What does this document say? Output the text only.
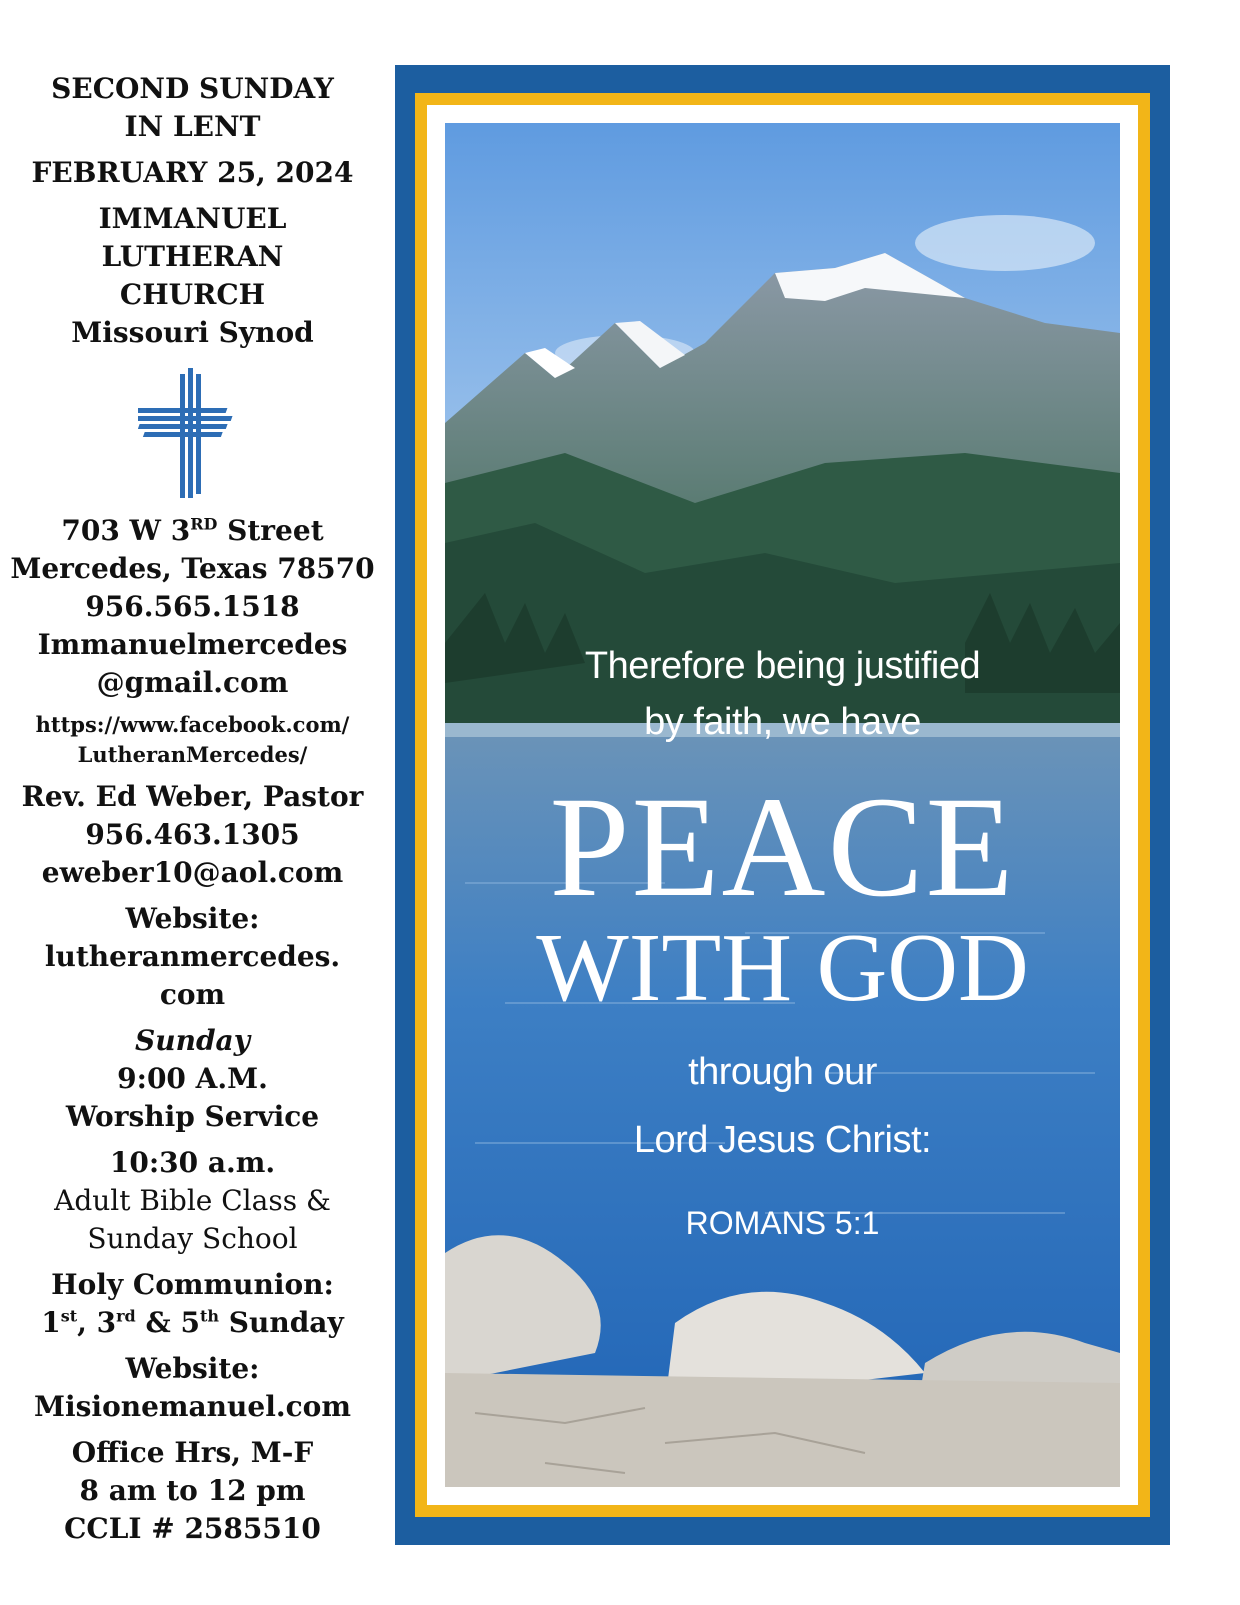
SECOND SUNDAY
IN LENT
FEBRUARY 25, 2024
IMMANUEL LUTHERAN
CHURCH
Missouri Synod
703 W 3RD Street
Mercedes, Texas 78570
956.565.1518
Immanuelmercedes
@gmail.com
https://www.facebook.com/
LutheranMercedes/
Rev. Ed Weber, Pastor
956.463.1305
eweber10@aol.com
Website:
lutheranmercedes.
com
Sunday
9:00 A.M.
Worship Service
10:30 a.m.
Adult Bible Class &
Sunday School
Holy Communion:
1st, 3rd & 5th Sunday
Website:
Misionemanuel.com
Office Hrs, M-F
8 am to 12 pm
CCLI # 2585510
Therefore being justified
by faith, we have
PEACE
WITH GOD
through our
Lord Jesus Christ:
ROMANS 5:1
